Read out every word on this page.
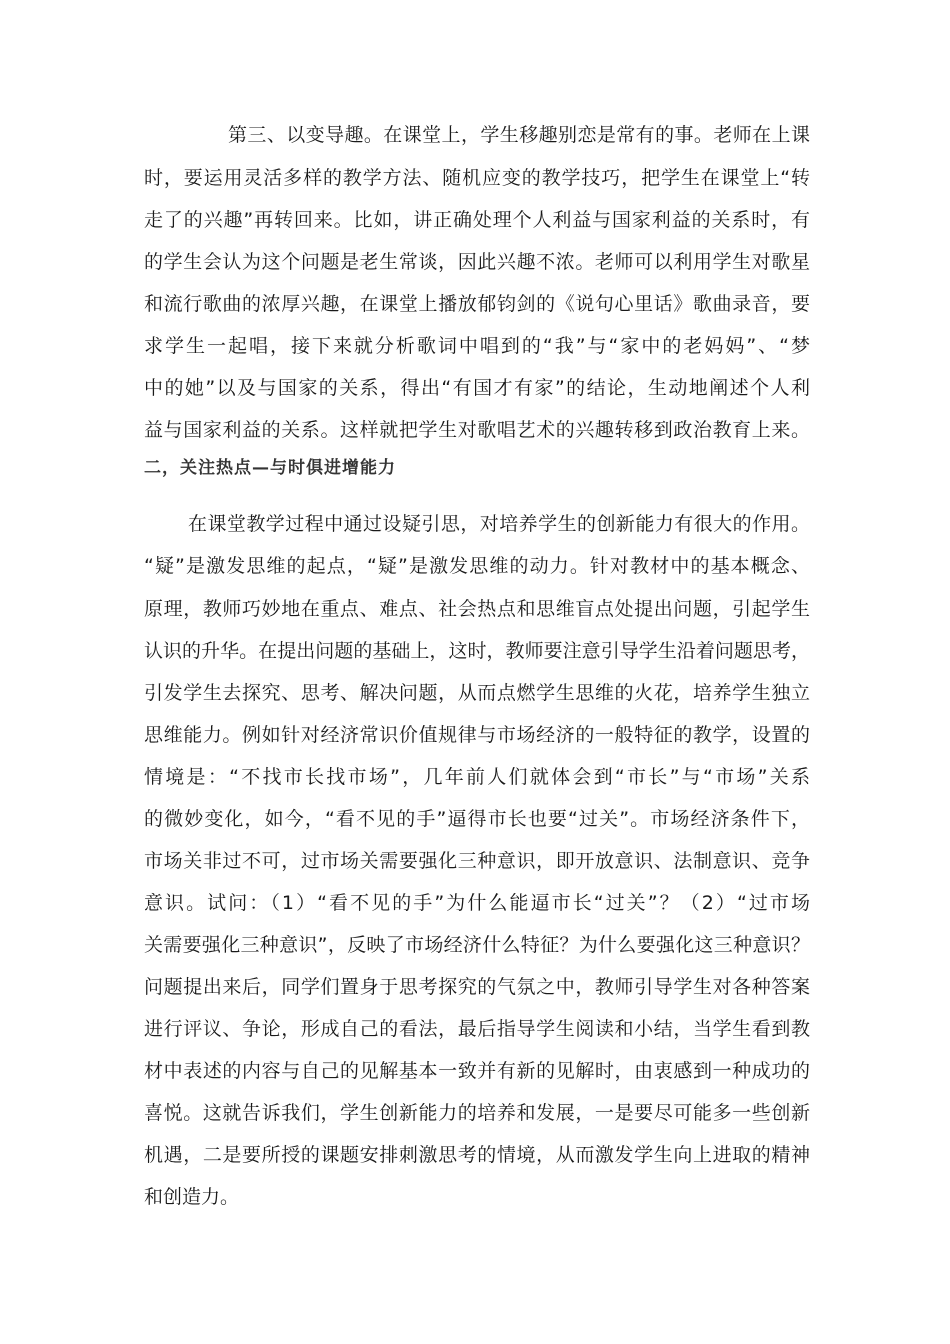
第三、以变导趣。在课堂上，学生移趣别恋是常有的事。老师在上课
时，要运用灵活多样的教学方法、随机应变的教学技巧，把学生在课堂上“转
走了的兴趣”再转回来。比如，讲正确处理个人利益与国家利益的关系时，有
的学生会认为这个问题是老生常谈，因此兴趣不浓。老师可以利用学生对歌星
和流行歌曲的浓厚兴趣，在课堂上播放郁钧剑的《说句心里话》歌曲录音，要
求学生一起唱，接下来就分析歌词中唱到的“我”与“家中的老妈妈”、“梦
中的她”以及与国家的关系，得出“有国才有家”的结论，生动地阐述个人利
益与国家利益的关系。这样就把学生对歌唱艺术的兴趣转移到政治教育上来。
二，关注热点—与时俱进增能力
在课堂教学过程中通过设疑引思，对培养学生的创新能力有很大的作用。
“疑”是激发思维的起点，“疑”是激发思维的动力。针对教材中的基本概念、
原理，教师巧妙地在重点、难点、社会热点和思维盲点处提出问题，引起学生
认识的升华。在提出问题的基础上，这时，教师要注意引导学生沿着问题思考，
引发学生去探究、思考、解决问题，从而点燃学生思维的火花，培养学生独立
思维能力。例如针对经济常识价值规律与市场经济的一般特征的教学，设置的
情境是：“不找市长找市场”，几年前人们就体会到“市长”与“市场”关系
的微妙变化，如今，“看不见的手”逼得市长也要“过关”。市场经济条件下，
市场关非过不可，过市场关需要强化三种意识，即开放意识、法制意识、竞争
意识。试问：（1）“看不见的手”为什么能逼市长“过关”？（2）“过市场
关需要强化三种意识”，反映了市场经济什么特征？为什么要强化这三种意识？
问题提出来后，同学们置身于思考探究的气氛之中，教师引导学生对各种答案
进行评议、争论，形成自己的看法，最后指导学生阅读和小结，当学生看到教
材中表述的内容与自己的见解基本一致并有新的见解时，由衷感到一种成功的
喜悦。这就告诉我们，学生创新能力的培养和发展，一是要尽可能多一些创新
机遇，二是要所授的课题安排刺激思考的情境，从而激发学生向上进取的精神
和创造力。
